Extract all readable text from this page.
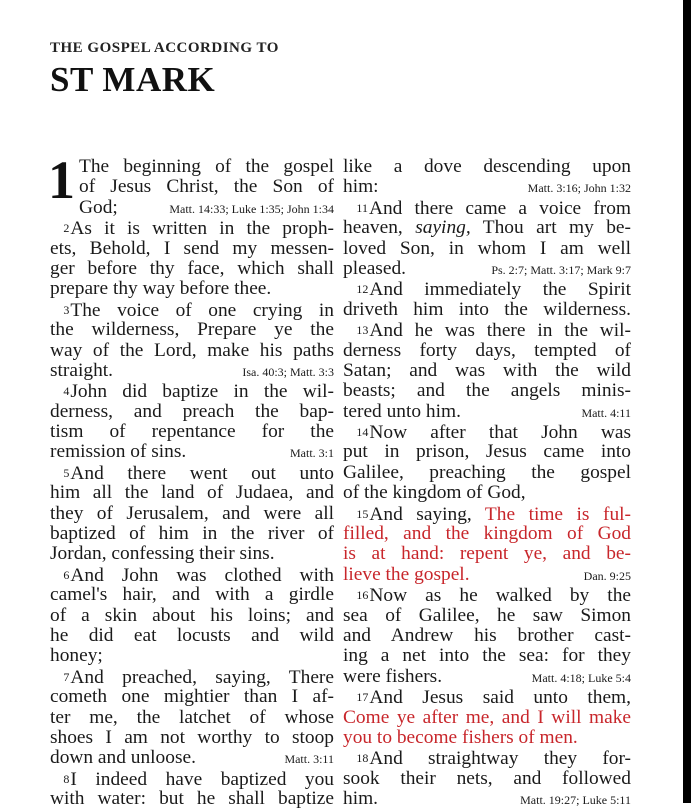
THE GOSPEL ACCORDING TO
ST MARK
1 The beginning of the gospel
of Jesus Christ, the Son of
God;	Matt. 14:33; Luke 1:35; John 1:34
 2As it is written in the proph-
ets, Behold, I send my messen-
ger before thy face, which shall
prepare thy way before thee.
 3The voice of one crying in
the wilderness, Prepare ye the
way of the Lord, make his paths
straight.	Isa. 40:3; Matt. 3:3
 4John did baptize in the wil-
derness, and preach the bap-
tism of repentance for the
remission of sins.	Matt. 3:1
 5And there went out unto
him all the land of Judaea, and
they of Jerusalem, and were all
baptized of him in the river of
Jordan, confessing their sins.
 6And John was clothed with
camel's hair, and with a girdle
of a skin about his loins; and
he did eat locusts and wild
honey;
 7And preached, saying, There
cometh one mightier than I af-
ter me, the latchet of whose
shoes I am not worthy to stoop
down and unloose.	Matt. 3:11
 8I indeed have baptized you
with water: but he shall baptize
like a dove descending upon
him:	Matt. 3:16; John 1:32
 11And there came a voice from
heaven, saying, Thou art my be-
loved Son, in whom I am well
pleased.	Ps. 2:7; Matt. 3:17; Mark 9:7
 12And immediately the Spirit
driveth him into the wilderness.
 13And he was there in the wil-
derness forty days, tempted of
Satan; and was with the wild
beasts; and the angels minis-
tered unto him.	Matt. 4:11
 14Now after that John was
put in prison, Jesus came into
Galilee, preaching the gospel
of the kingdom of God,
 15And saying, The time is ful-
filled, and the kingdom of God
is at hand: repent ye, and be-
lieve the gospel.	Dan. 9:25
 16Now as he walked by the
sea of Galilee, he saw Simon
and Andrew his brother cast-
ing a net into the sea: for they
were fishers.	Matt. 4:18; Luke 5:4
 17And Jesus said unto them,
Come ye after me, and I will make
you to become fishers of men.
 18And straightway they for-
sook their nets, and followed
him.	Matt. 19:27; Luke 5:11
